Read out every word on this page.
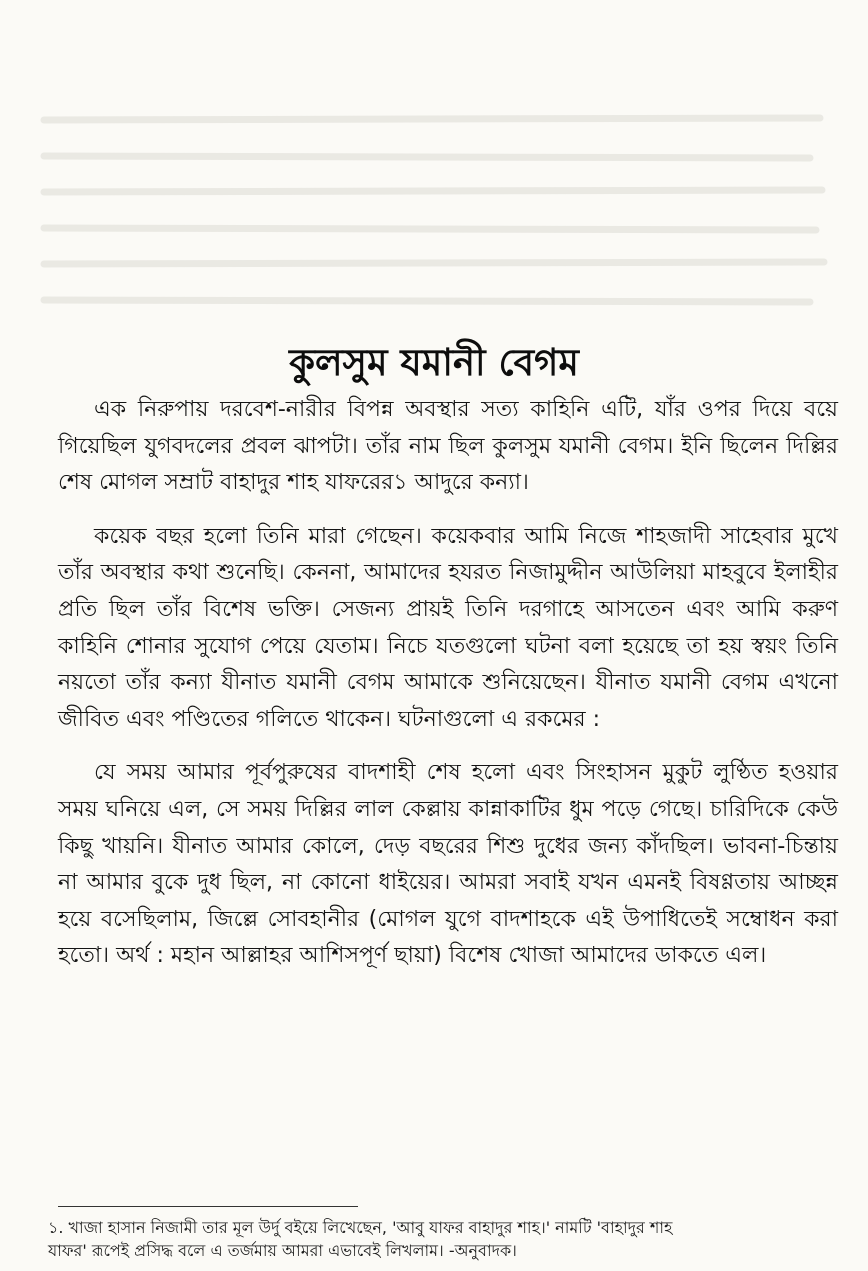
কুলসুম যমানী বেগম

এক নিরুপায় দরবেশ-নারীর বিপন্ন অবস্থার সত্য কাহিনি এটি, যাঁর ওপর দিয়ে বয়ে গিয়েছিল যুগবদলের প্রবল ঝাপটা। তাঁর নাম ছিল কুলসুম যমানী বেগম। ইনি ছিলেন দিল্লির শেষ মোগল সম্রাট বাহাদুর শাহ যাফরের১ আদুরে কন্যা।

কয়েক বছর হলো তিনি মারা গেছেন। কয়েকবার আমি নিজে শাহজাদী সাহেবার মুখে তাঁর অবস্থার কথা শুনেছি। কেননা, আমাদের হযরত নিজামুদ্দীন আউলিয়া মাহবুবে ইলাহীর প্রতি ছিল তাঁর বিশেষ ভক্তি। সেজন্য প্রায়ই তিনি দরগাহে আসতেন এবং আমি করুণ কাহিনি শোনার সুযোগ পেয়ে যেতাম। নিচে যতগুলো ঘটনা বলা হয়েছে তা হয় স্বয়ং তিনি নয়তো তাঁর কন্যা যীনাত যমানী বেগম আমাকে শুনিয়েছেন। যীনাত যমানী বেগম এখনো জীবিত এবং পণ্ডিতের গলিতে থাকেন। ঘটনাগুলো এ রকমের :

যে সময় আমার পূর্বপুরুষের বাদশাহী শেষ হলো এবং সিংহাসন মুকুট লুণ্ঠিত হওয়ার সময় ঘনিয়ে এল, সে সময় দিল্লির লাল কেল্লায় কান্নাকাটির ধুম পড়ে গেছে। চারিদিকে কেউ কিছু খায়নি। যীনাত আমার কোলে, দেড় বছরের শিশু দুধের জন্য কাঁদছিল। ভাবনা-চিন্তায় না আমার বুকে দুধ ছিল, না কোনো ধাইয়ের। আমরা সবাই যখন এমনই বিষণ্ণতায় আচ্ছন্ন হয়ে বসেছিলাম, জিল্লে সোবহানীর (মোগল যুগে বাদশাহকে এই উপাধিতেই সম্বোধন করা হতো। অর্থ : মহান আল্লাহর আশিসপূর্ণ ছায়া) বিশেষ খোজা আমাদের ডাকতে এল।

১. খাজা হাসান নিজামী তার মূল উর্দু বইয়ে লিখেছেন, 'আবু যাফর বাহাদুর শাহ।' নামটি 'বাহাদুর শাহ
যাফর' রূপেই প্রসিদ্ধ বলে এ তর্জমায় আমরা এভাবেই লিখলাম। -অনুবাদক।
